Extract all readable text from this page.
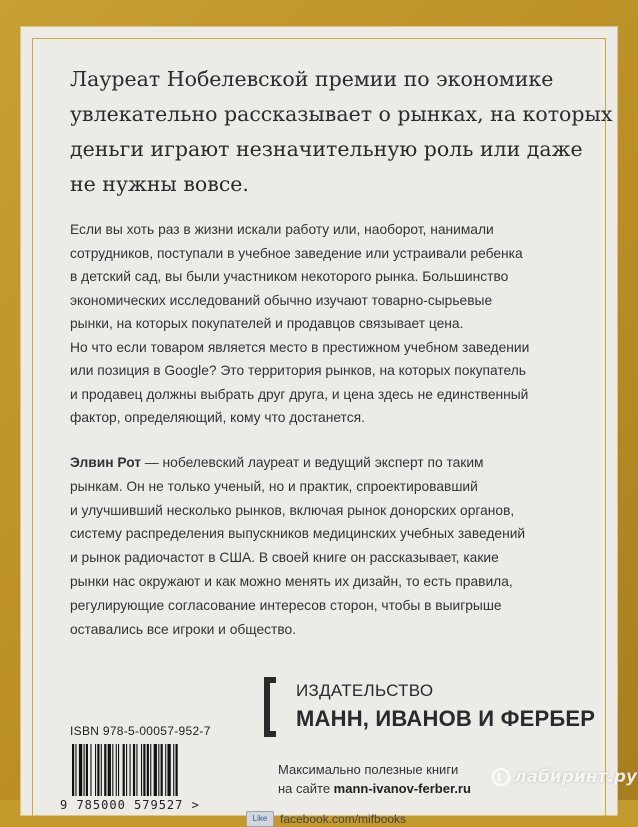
Лауреат Нобелевской премии по экономике
увлекательно рассказывает о рынках, на которых
деньги играют незначительную роль или даже
не нужны вовсе.

Если вы хоть раз в жизни искали работу или, наоборот, нанимали
сотрудников, поступали в учебное заведение или устраивали ребенка
в детский сад, вы были участником некоторого рынка. Большинство
экономических исследований обычно изучают товарно-сырьевые
рынки, на которых покупателей и продавцов связывает цена.
Но что если товаром является место в престижном учебном заведении
или позиция в Google? Это территория рынков, на которых покупатель
и продавец должны выбрать друг друга, и цена здесь не единственный
фактор, определяющий, кому что достанется.

Элвин Рот — нобелевский лауреат и ведущий эксперт по таким
рынкам. Он не только ученый, но и практик, спроектировавший
и улучшивший несколько рынков, включая рынок донорских органов,
систему распределения выпускников медицинских учебных заведений
и рынок радиочастот в США. В своей книге он рассказывает, какие
рынки нас окружают и как можно менять их дизайн, то есть правила,
регулирующие согласование интересов сторон, чтобы в выигрыше
оставались все игроки и общество.

ИЗДАТЕЛЬСТВО
МАНН, ИВАНОВ И ФЕРБЕР
ISBN 978-5-00057-952-7
9 785000 579527 >
Максимально полезные книги
на сайте mann-ivanov-ferber.ru
Like	facebook.com/mifbooks
лабиринт.ру
